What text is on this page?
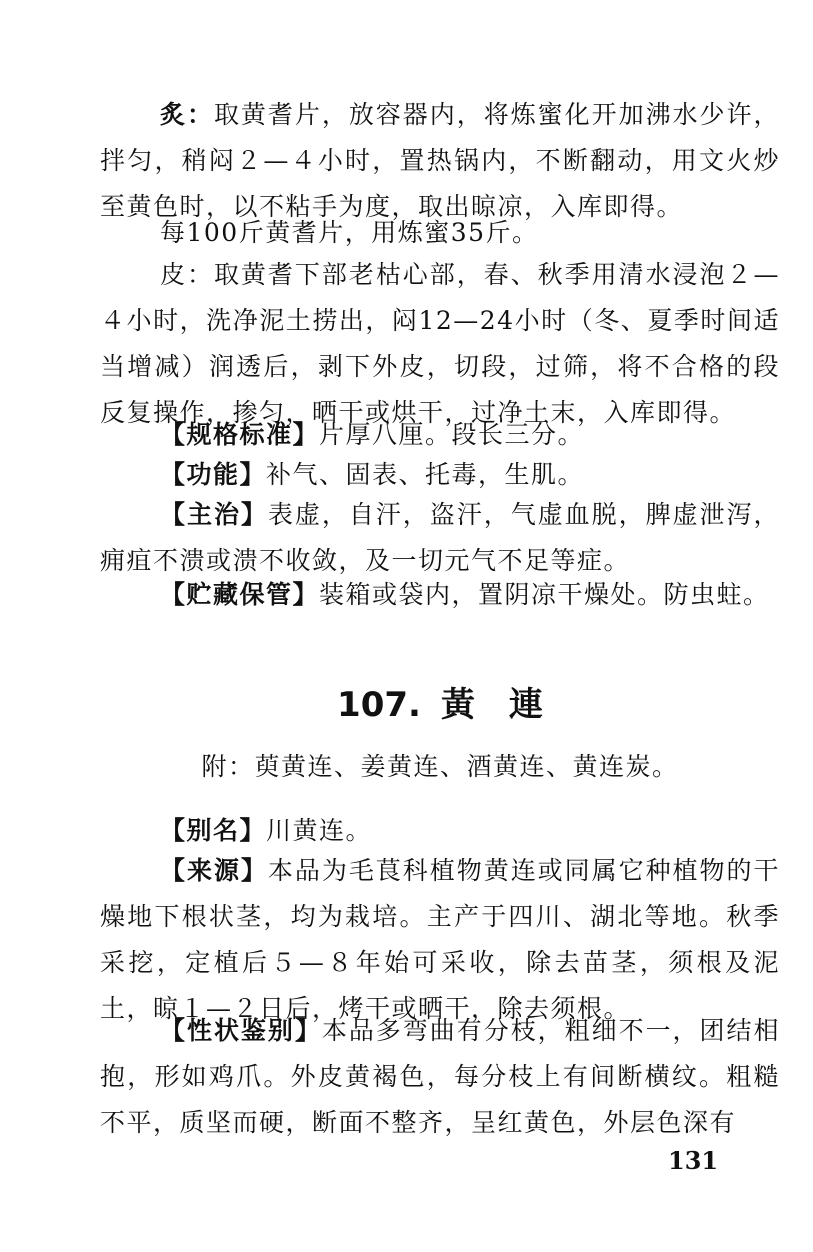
炙：取黄耆片，放容器内，将炼蜜化开加沸水少许，拌匀，稍闷２—４小时，置热锅内，不断翻动，用文火炒至黄色时，以不粘手为度，取出晾凉，入库即得。
每100斤黄耆片，用炼蜜35斤。
皮：取黄耆下部老枯心部，春、秋季用清水浸泡２—４小时，洗净泥土捞出，闷12—24小时（冬、夏季时间适当增减）润透后，剥下外皮，切段，过筛，将不合格的段反复操作，掺匀，晒干或烘干，过净土末，入库即得。
【规格标准】片厚八厘。段长三分。
【功能】补气、固表、托毒，生肌。
【主治】表虚，自汗，盗汗，气虚血脱，脾虚泄泻，痈疽不溃或溃不收敛，及一切元气不足等症。
【贮藏保管】装箱或袋内，置阴凉干燥处。防虫蛀。
107. 黃　連
附：萸黄连、姜黄连、酒黄连、黄连炭。
【别名】川黄连。
【来源】本品为毛茛科植物黄连或同属它种植物的干燥地下根状茎，均为栽培。主产于四川、湖北等地。秋季采挖，定植后５—８年始可采收，除去苗茎，须根及泥土，晾１—２日后，烤干或晒干，除去须根。
【性状鉴别】本品多弯曲有分枝，粗细不一，团结相抱，形如鸡爪。外皮黄褐色，每分枝上有间断横纹。粗糙不平，质坚而硬，断面不整齐，呈红黄色，外层色深有
131
